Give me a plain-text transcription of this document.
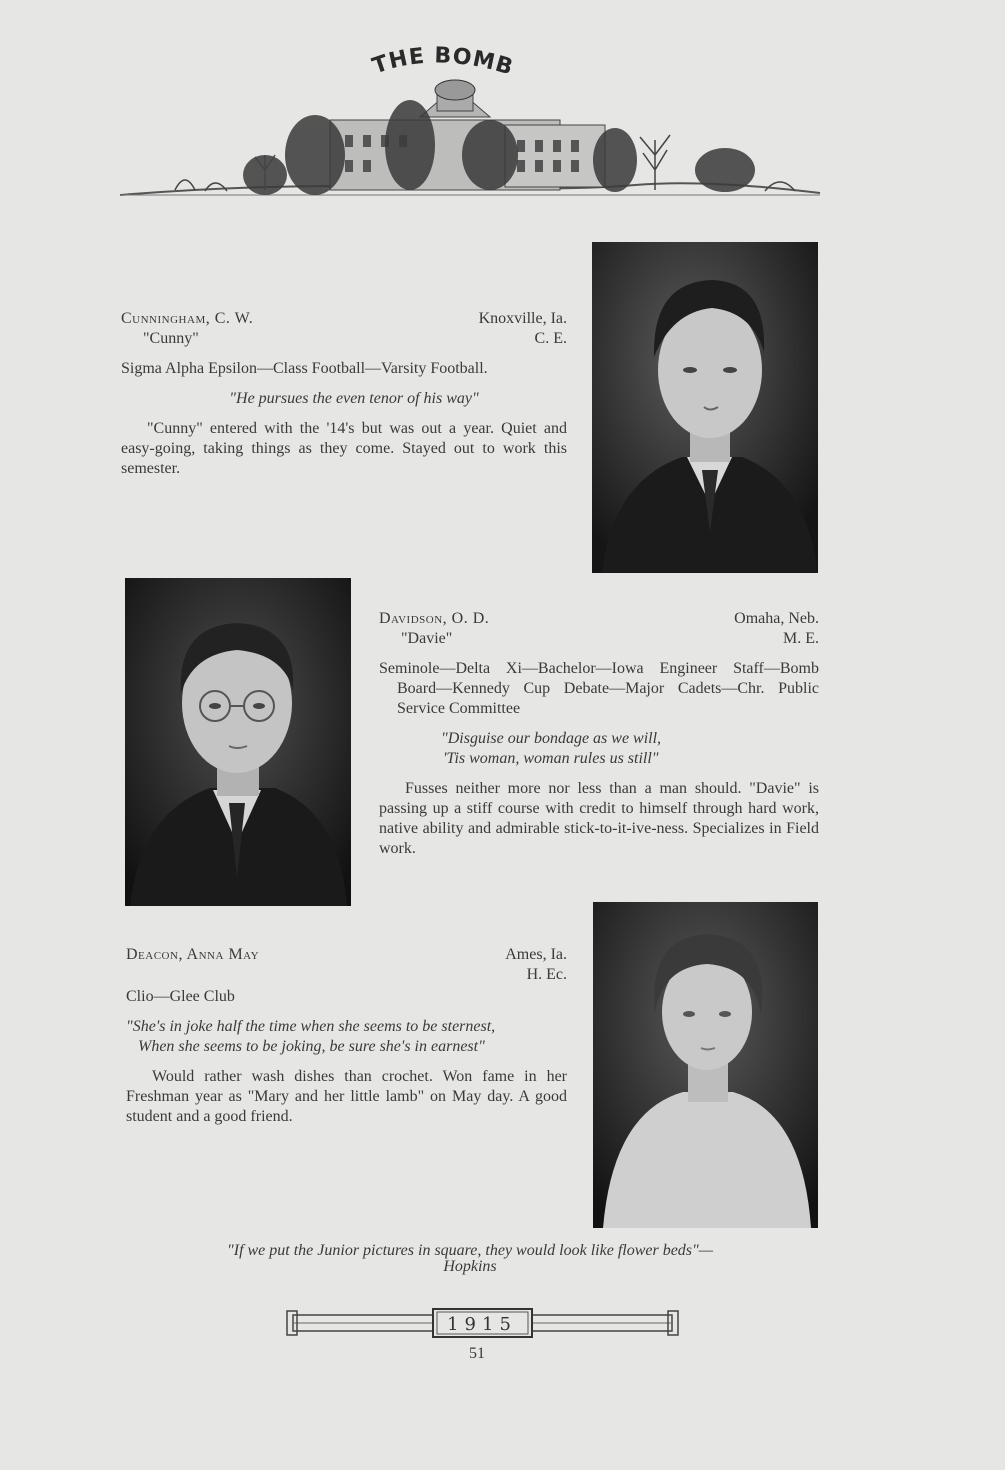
THE BOMB
Cunningham, C. W.	Knoxville, Ia.
"Cunny"	C. E.
Sigma Alpha Epsilon—Class Football—Varsity Football.
"He pursues the even tenor of his way"
"Cunny" entered with the '14's but was out a year. Quiet and easy-going, taking things as they come. Stayed out to work this semester.
Davidson, O. D.	Omaha, Neb.
"Davie"	M. E.
Seminole—Delta Xi—Bachelor—Iowa Engineer Staff—Bomb Board—Kennedy Cup Debate—Major Cadets—Chr. Public Service Committee
"Disguise our bondage as we will,
'Tis woman, woman rules us still"
Fusses neither more nor less than a man should. "Davie" is passing up a stiff course with credit to himself through hard work, native ability and admirable stick-to-it-ive-ness. Specializes in Field work.
Deacon, Anna May	Ames, Ia.
H. Ec.
Clio—Glee Club
"She's in joke half the time when she seems to be sternest,
When she seems to be joking, be sure she's in earnest"
Would rather wash dishes than crochet. Won fame in her Freshman year as "Mary and her little lamb" on May day. A good student and a good friend.
"If we put the Junior pictures in square, they would look like flower beds"—
Hopkins
1915
51
